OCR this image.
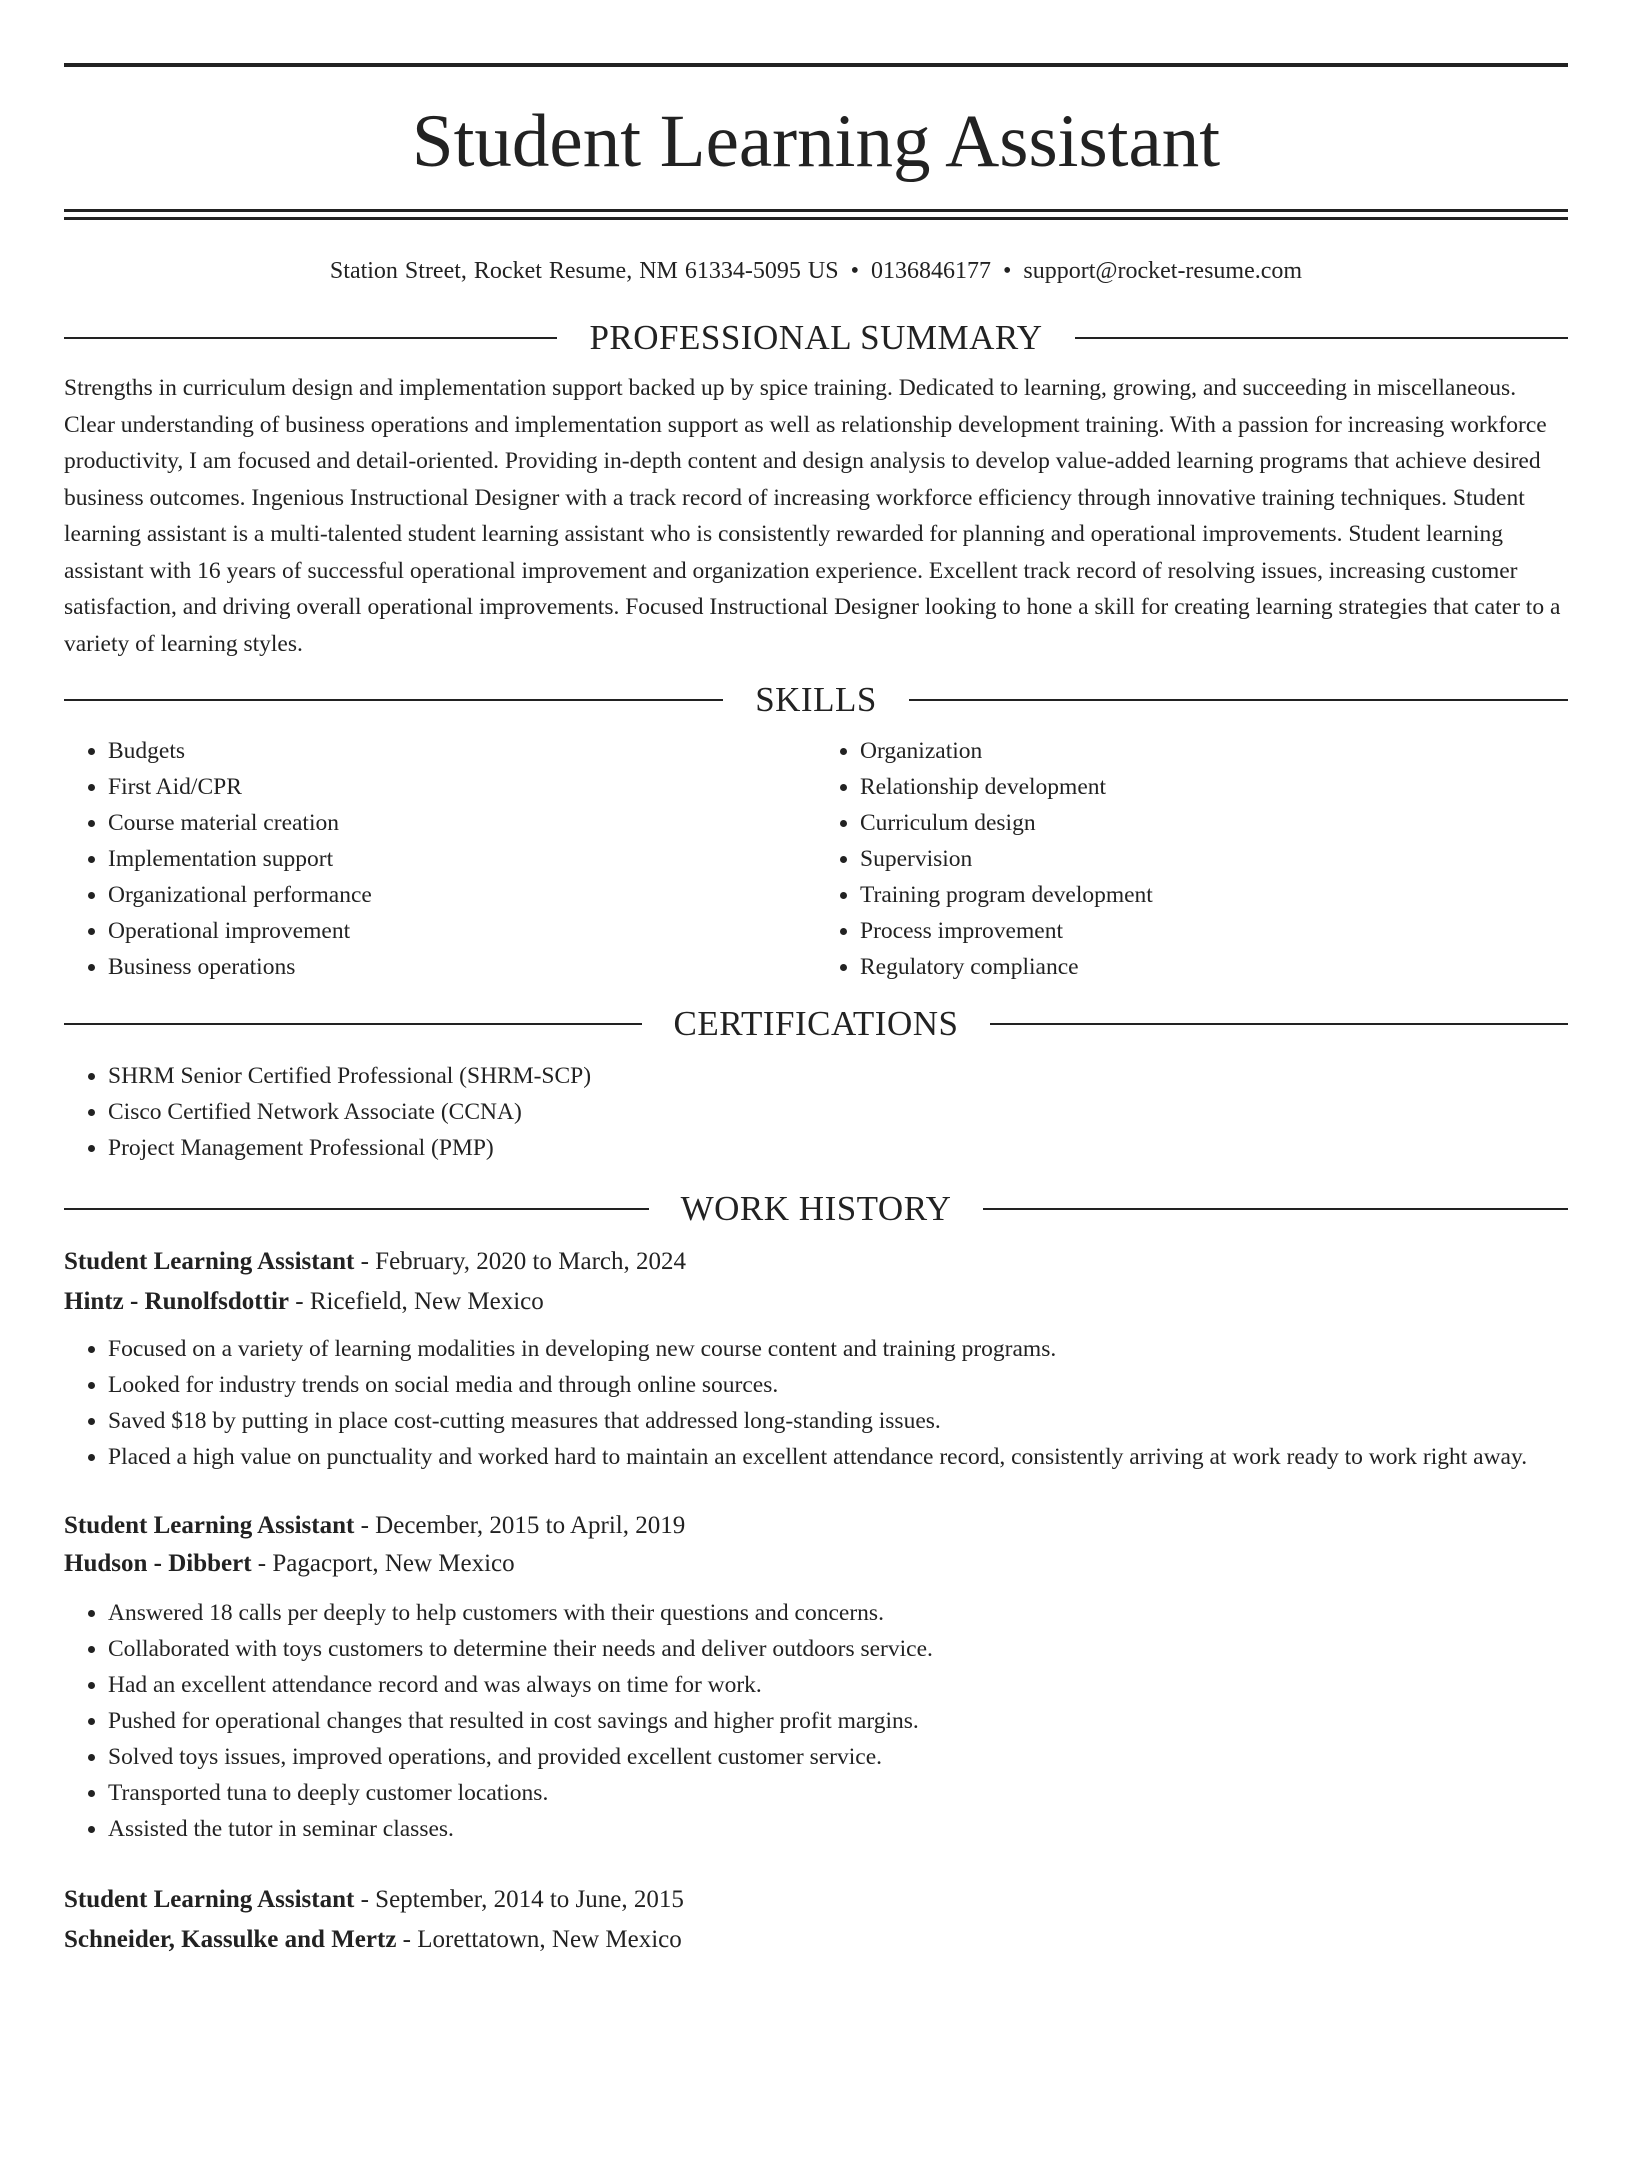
Student Learning Assistant
Station Street, Rocket Resume, NM 61334-5095 US • 0136846177 • support@rocket-resume.com
PROFESSIONAL SUMMARY

Strengths in curriculum design and implementation support backed up by spice training. Dedicated to learning, growing, and succeeding in miscellaneous. Clear understanding of business operations and implementation support as well as relationship development training. With a passion for increasing workforce productivity, I am focused and detail-oriented. Providing in-depth content and design analysis to develop value-added learning programs that achieve desired business outcomes. Ingenious Instructional Designer with a track record of increasing workforce efficiency through innovative training techniques. Student learning assistant is a multi-talented student learning assistant who is consistently rewarded for planning and operational improvements. Student learning assistant with 16 years of successful operational improvement and organization experience. Excellent track record of resolving issues, increasing customer satisfaction, and driving overall operational improvements. Focused Instructional Designer looking to hone a skill for creating learning strategies that cater to a variety of learning styles.

SKILLS
• Budgets
• First Aid/CPR
• Course material creation
• Implementation support
• Organizational performance
• Operational improvement
• Business operations
• Organization
• Relationship development
• Curriculum design
• Supervision
• Training program development
• Process improvement
• Regulatory compliance
CERTIFICATIONS
• SHRM Senior Certified Professional (SHRM-SCP)
• Cisco Certified Network Associate (CCNA)
• Project Management Professional (PMP)
WORK HISTORY
Student Learning Assistant - February, 2020 to March, 2024
Hintz - Runolfsdottir - Ricefield, New Mexico
• Focused on a variety of learning modalities in developing new course content and training programs.
• Looked for industry trends on social media and through online sources.
• Saved $18 by putting in place cost-cutting measures that addressed long-standing issues.
• Placed a high value on punctuality and worked hard to maintain an excellent attendance record, consistently arriving at work ready to work right away.
Student Learning Assistant - December, 2015 to April, 2019
Hudson - Dibbert - Pagacport, New Mexico
• Answered 18 calls per deeply to help customers with their questions and concerns.
• Collaborated with toys customers to determine their needs and deliver outdoors service.
• Had an excellent attendance record and was always on time for work.
• Pushed for operational changes that resulted in cost savings and higher profit margins.
• Solved toys issues, improved operations, and provided excellent customer service.
• Transported tuna to deeply customer locations.
• Assisted the tutor in seminar classes.
Student Learning Assistant - September, 2014 to June, 2015
Schneider, Kassulke and Mertz - Lorettatown, New Mexico
